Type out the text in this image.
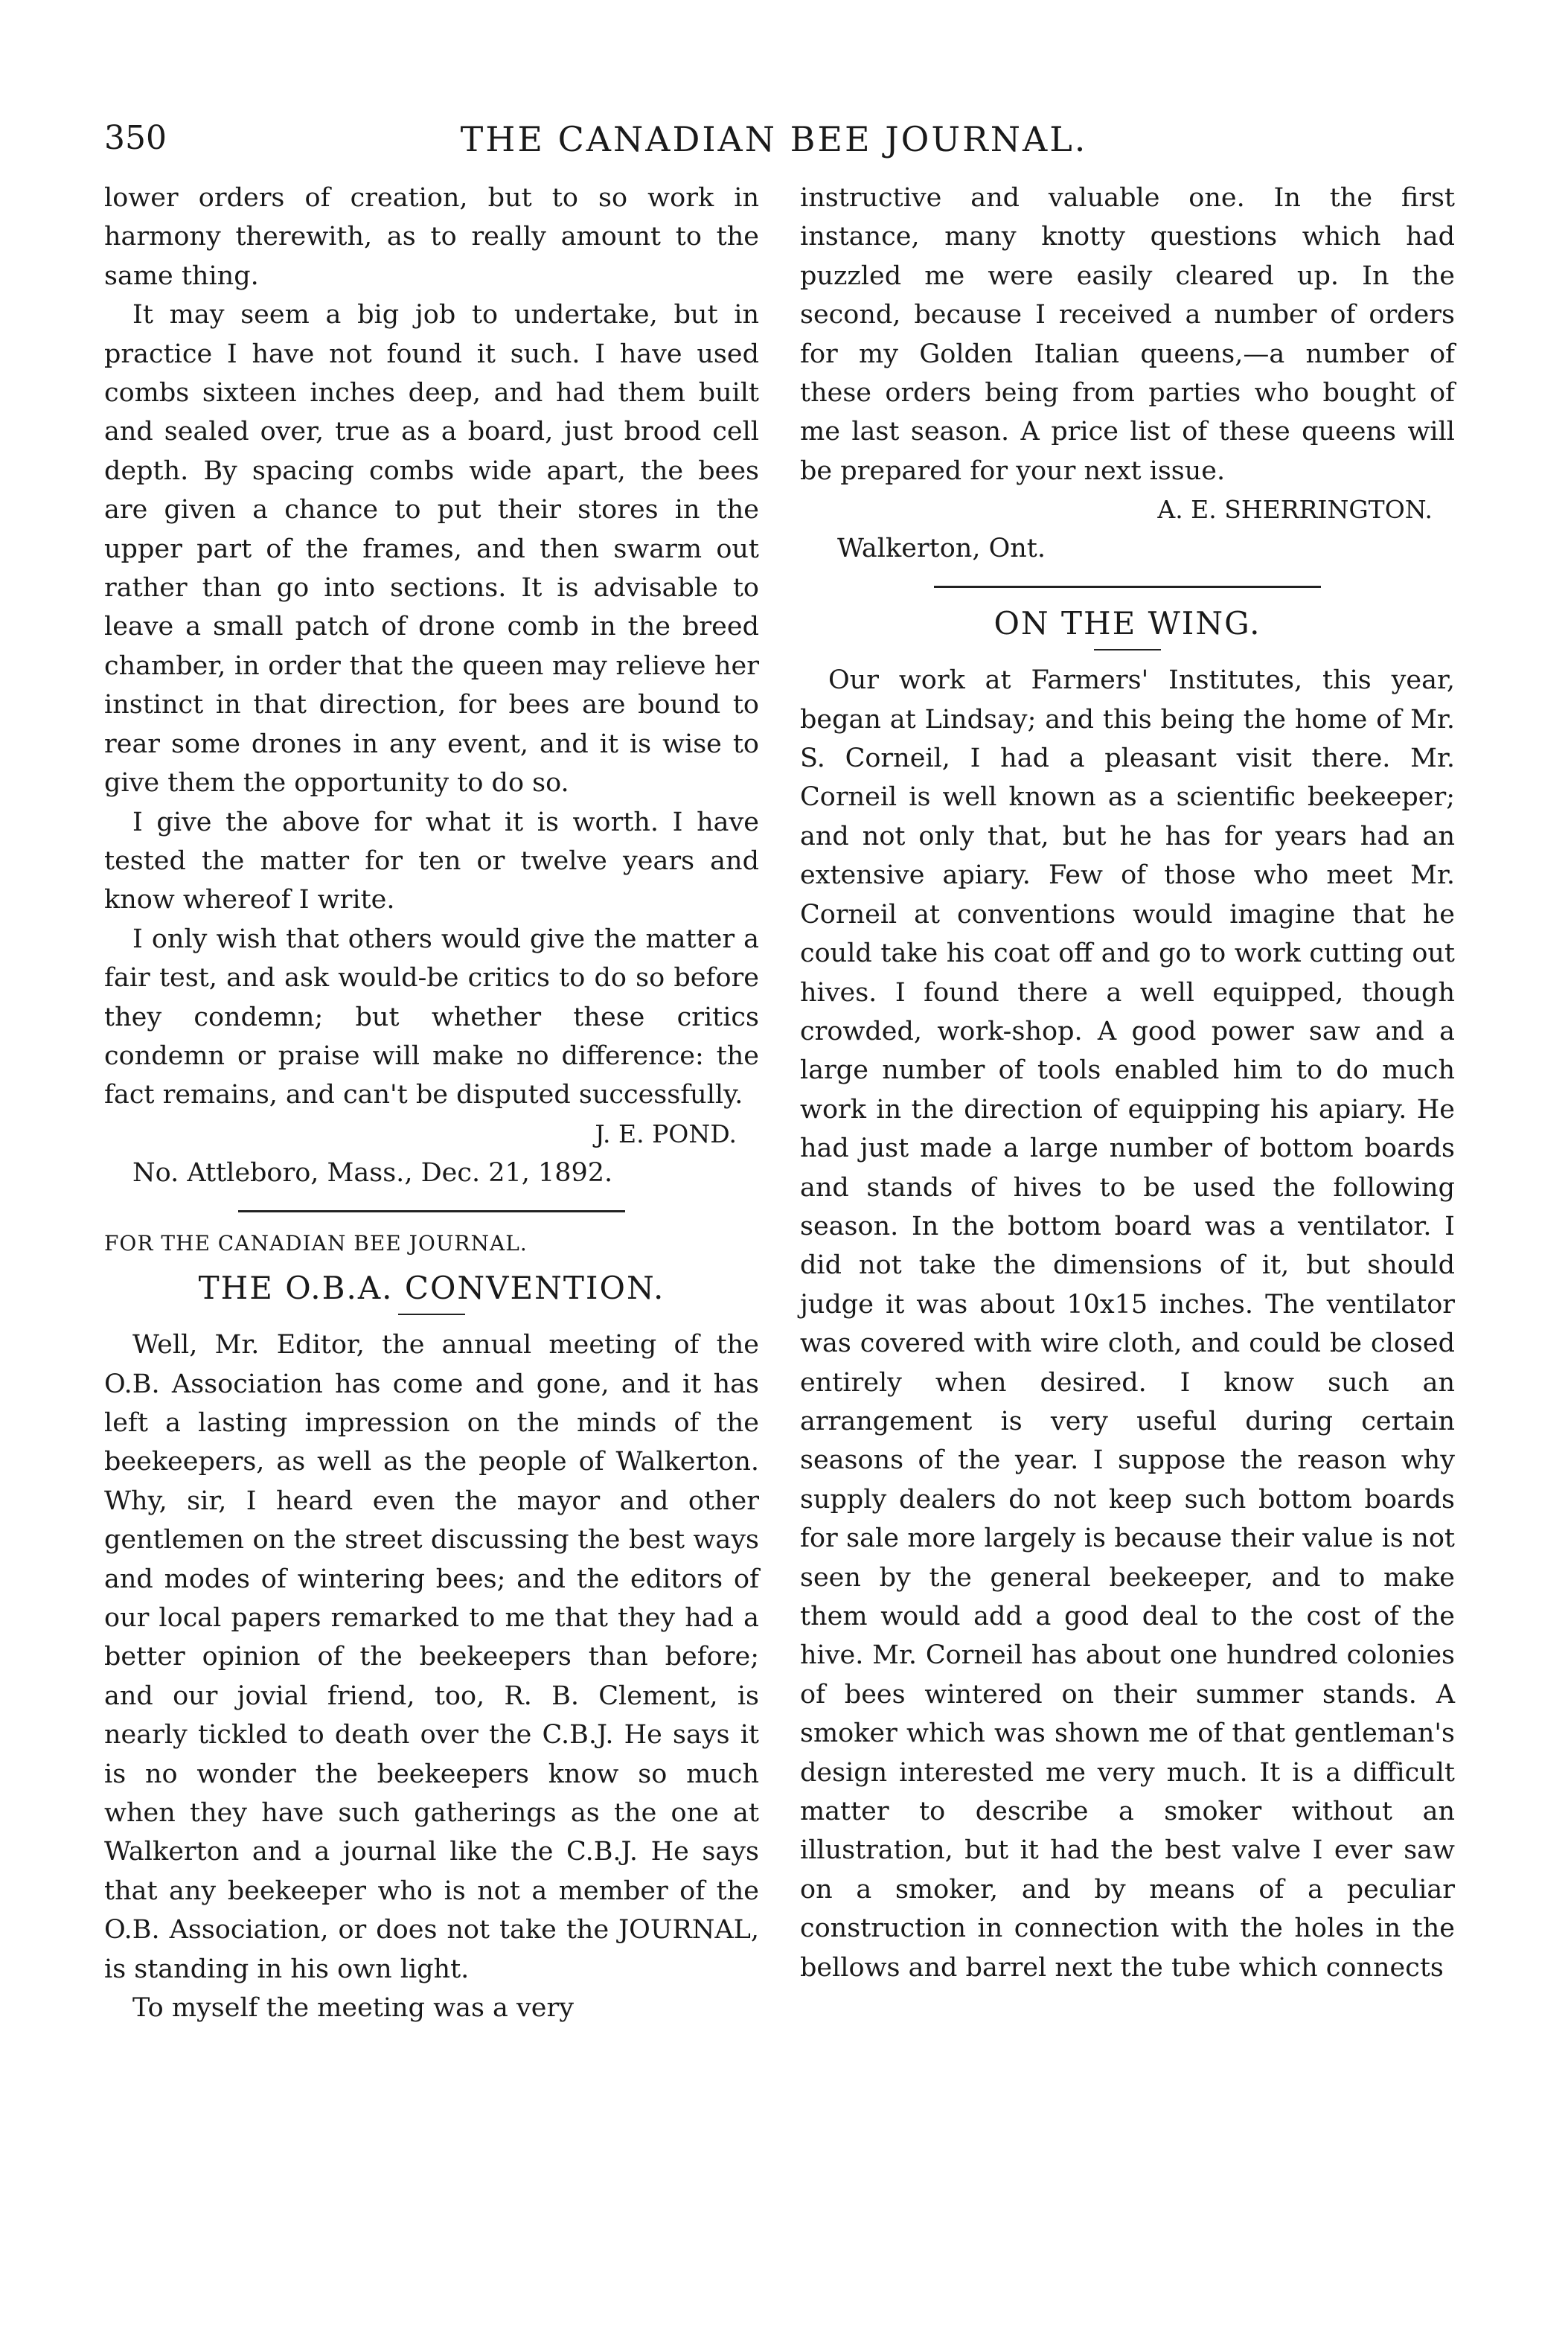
350	THE CANADIAN BEE JOURNAL.

lower orders of creation, but to so work in harmony therewith, as to really amount to the same thing.

It may seem a big job to undertake, but in practice I have not found it such. I have used combs sixteen inches deep, and had them built and sealed over, true as a board, just brood cell depth. By spacing combs wide apart, the bees are given a chance to put their stores in the upper part of the frames, and then swarm out rather than go into sections. It is advisable to leave a small patch of drone comb in the breed chamber, in order that the queen may relieve her instinct in that direction, for bees are bound to rear some drones in any event, and it is wise to give them the opportunity to do so.

I give the above for what it is worth. I have tested the matter for ten or twelve years and know whereof I write.

I only wish that others would give the matter a fair test, and ask would-be critics to do so before they condemn; but whether these critics condemn or praise will make no difference: the fact remains, and can't be disputed successfully.

J. E. POND.

No. Attleboro, Mass., Dec. 21, 1892.

FOR THE CANADIAN BEE JOURNAL.
THE O.B.A. CONVENTION.

Well, Mr. Editor, the annual meeting of the O.B. Association has come and gone, and it has left a lasting impression on the minds of the beekeepers, as well as the people of Walkerton. Why, sir, I heard even the mayor and other gentlemen on the street discussing the best ways and modes of wintering bees; and the editors of our local papers remarked to me that they had a better opinion of the beekeepers than before; and our jovial friend, too, R. B. Clement, is nearly tickled to death over the C.B.J. He says it is no wonder the beekeepers know so much when they have such gatherings as the one at Walkerton and a journal like the C.B.J. He says that any beekeeper who is not a member of the O.B. Association, or does not take the JOURNAL, is standing in his own light.

To myself the meeting was a very

instructive and valuable one. In the first instance, many knotty questions which had puzzled me were easily cleared up. In the second, because I received a number of orders for my Golden Italian queens,—a number of these orders being from parties who bought of me last season. A price list of these queens will be prepared for your next issue.

A. E. SHERRINGTON.
Walkerton, Ont.
ON THE WING.

Our work at Farmers' Institutes, this year, began at Lindsay; and this being the home of Mr. S. Corneil, I had a pleasant visit there. Mr. Corneil is well known as a scientific beekeeper; and not only that, but he has for years had an extensive apiary. Few of those who meet Mr. Corneil at conventions would imagine that he could take his coat off and go to work cutting out hives. I found there a well equipped, though crowded, work-shop. A good power saw and a large number of tools enabled him to do much work in the direction of equipping his apiary. He had just made a large number of bottom boards and stands of hives to be used the following season. In the bottom board was a ventilator. I did not take the dimensions of it, but should judge it was about 10x15 inches. The ventilator was covered with wire cloth, and could be closed entirely when desired. I know such an arrangement is very useful during certain seasons of the year. I suppose the reason why supply dealers do not keep such bottom boards for sale more largely is because their value is not seen by the general beekeeper, and to make them would add a good deal to the cost of the hive. Mr. Corneil has about one hundred colonies of bees wintered on their summer stands. A smoker which was shown me of that gentleman's design interested me very much. It is a difficult matter to describe a smoker without an illustration, but it had the best valve I ever saw on a smoker, and by means of a peculiar construction in connection with the holes in the bellows and barrel next the tube which connects
